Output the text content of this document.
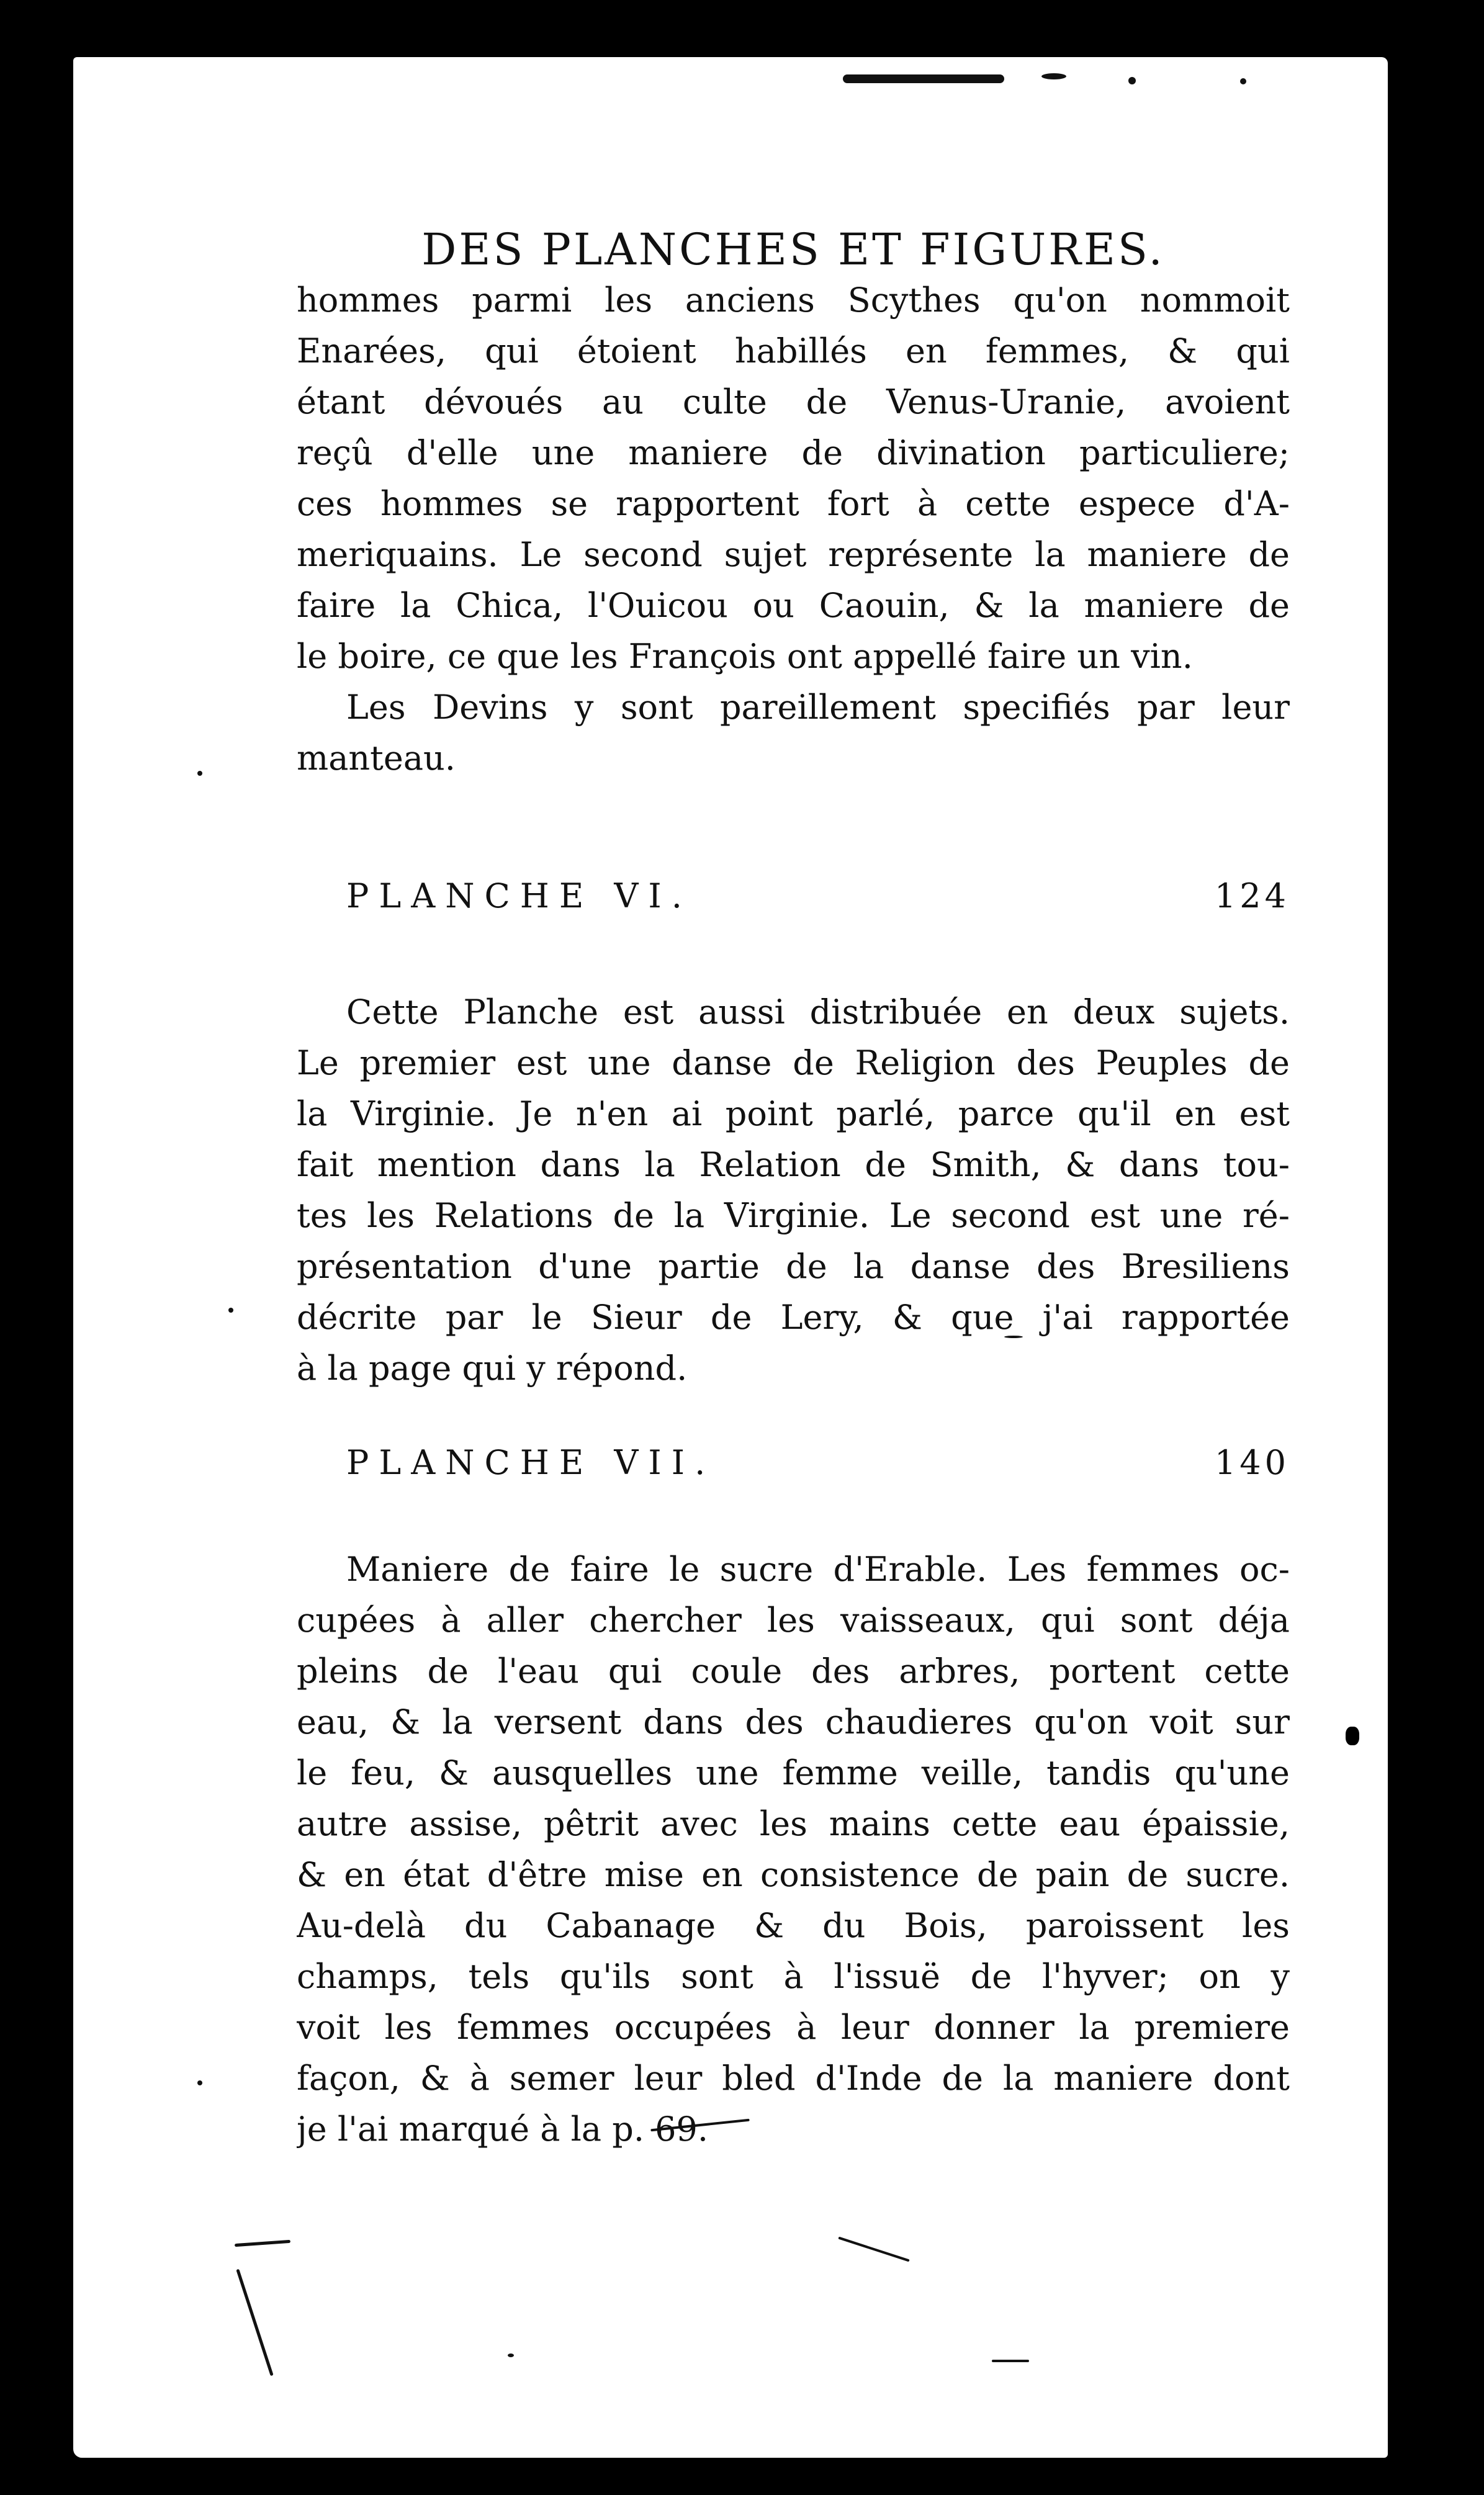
DES PLANCHES ET FIGURES.
hommes parmi les anciens Scythes qu'on nommoit
Enarées, qui étoient habillés en femmes, & qui
étant dévoués au culte de Venus-Uranie, avoient
reçû d'elle une maniere de divination particuliere;
ces hommes se rapportent fort à cette espece d'A-
meriquains. Le second sujet représente la maniere de
faire la Chica, l'Ouicou ou Caouin, & la maniere de
le boire, ce que les François ont appellé faire un vin.
Les Devins y sont pareillement specifiés par leur
manteau.
PLANCHE VI.	124
Cette Planche est aussi distribuée en deux sujets.
Le premier est une danse de Religion des Peuples de
la Virginie. Je n'en ai point parlé, parce qu'il en est
fait mention dans la Relation de Smith, & dans tou-
tes les Relations de la Virginie. Le second est une ré-
présentation d'une partie de la danse des Bresiliens
décrite par le Sieur de Lery, & que j'ai rapportée
à la page qui y répond.
PLANCHE VII.	140
Maniere de faire le sucre d'Erable. Les femmes oc-
cupées à aller chercher les vaisseaux, qui sont déja
pleins de l'eau qui coule des arbres, portent cette
eau, & la versent dans des chaudieres qu'on voit sur
le feu, & ausquelles une femme veille, tandis qu'une
autre assise, pêtrit avec les mains cette eau épaissie,
& en état d'être mise en consistence de pain de sucre.
Au-delà du Cabanage & du Bois, paroissent les
champs, tels qu'ils sont à l'issuë de l'hyver; on y
voit les femmes occupées à leur donner la premiere
façon, & à semer leur bled d'Inde de la maniere dont
je l'ai marqué à la p. 69.
